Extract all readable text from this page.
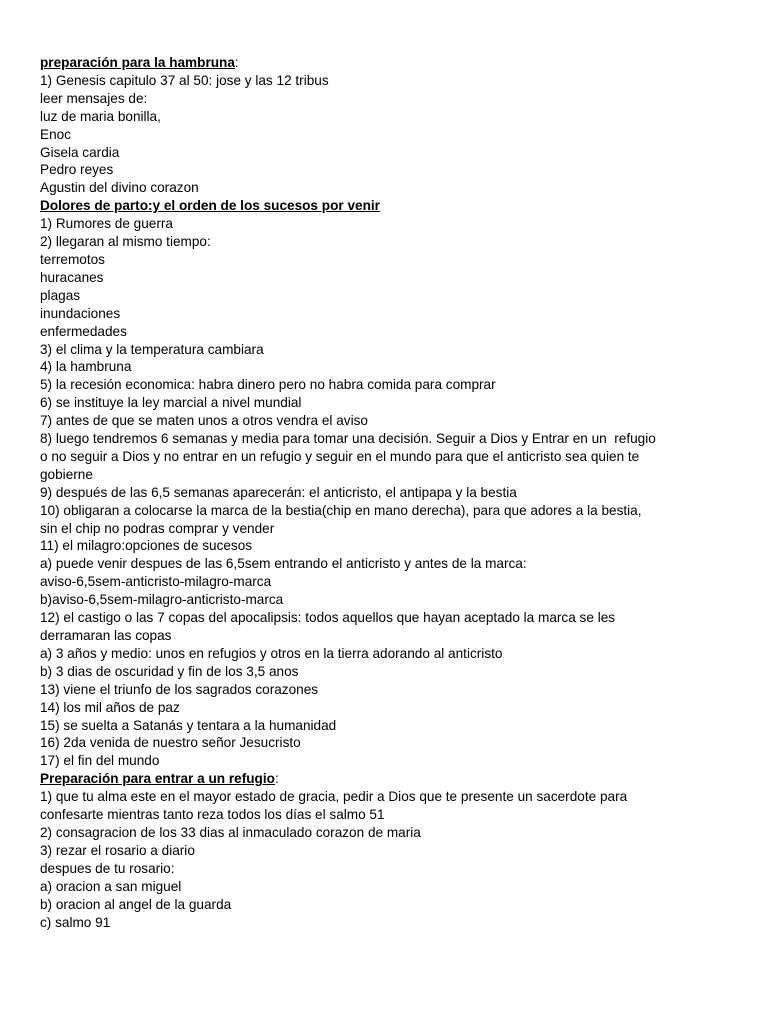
preparación para la hambruna:
1) Genesis capitulo 37 al 50: jose y las 12 tribus
leer mensajes de:
luz de maria bonilla,
Enoc
Gisela cardia
Pedro reyes
Agustin del divino corazon
Dolores de parto:y el orden de los sucesos por venir
1) Rumores de guerra
2) llegaran al mismo tiempo:
terremotos
huracanes
plagas
inundaciones
enfermedades
3) el clima y la temperatura cambiara
4) la hambruna
5) la recesión economica: habra dinero pero no habra comida para comprar
6) se instituye la ley marcial a nivel mundial
7) antes de que se maten unos a otros vendra el aviso
8) luego tendremos 6 semanas y media para tomar una decisión. Seguir a Dios y Entrar en un  refugio
o no seguir a Dios y no entrar en un refugio y seguir en el mundo para que el anticristo sea quien te
gobierne
9) después de las 6,5 semanas aparecerán: el anticristo, el antipapa y la bestia
10) obligaran a colocarse la marca de la bestia(chip en mano derecha), para que adores a la bestia,
sin el chip no podras comprar y vender
11) el milagro:opciones de sucesos
a) puede venir despues de las 6,5sem entrando el anticristo y antes de la marca:
aviso-6,5sem-anticristo-milagro-marca
b)aviso-6,5sem-milagro-anticristo-marca
12) el castigo o las 7 copas del apocalipsis: todos aquellos que hayan aceptado la marca se les
derramaran las copas
a) 3 años y medio: unos en refugios y otros en la tierra adorando al anticristo
b) 3 dias de oscuridad y fin de los 3,5 anos
13) viene el triunfo de los sagrados corazones
14) los mil años de paz
15) se suelta a Satanás y tentara a la humanidad
16) 2da venida de nuestro señor Jesucristo
17) el fin del mundo
Preparación para entrar a un refugio:
1) que tu alma este en el mayor estado de gracia, pedir a Dios que te presente un sacerdote para
confesarte mientras tanto reza todos los días el salmo 51
2) consagracion de los 33 dias al inmaculado corazon de maria
3) rezar el rosario a diario
despues de tu rosario:
a) oracion a san miguel
b) oracion al angel de la guarda
c) salmo 91
